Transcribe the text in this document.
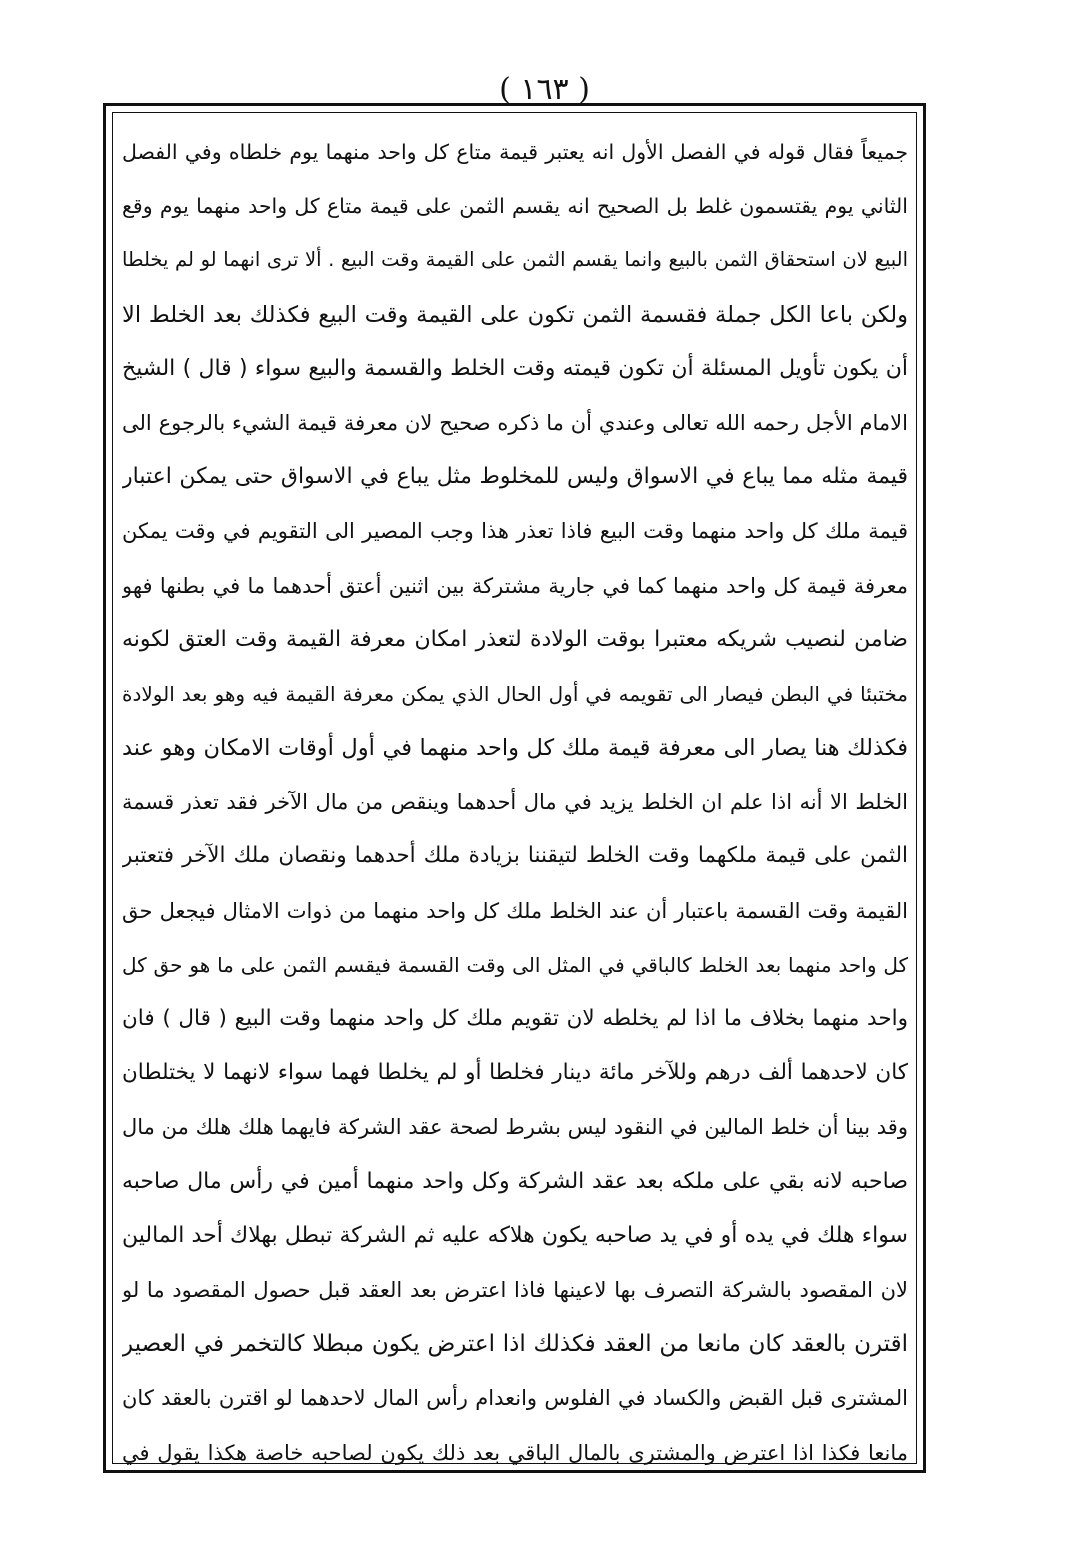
( ١٦٣ )
جميعاً فقال قوله في الفصل الأول انه يعتبر قيمة متاع كل واحد منهما يوم خلطاه وفي الفصل
الثاني يوم يقتسمون غلط بل الصحيح انه يقسم الثمن على قيمة متاع كل واحد منهما يوم وقع
البيع لان استحقاق الثمن بالبيع وانما يقسم الثمن على القيمة وقت البيع . ألا ترى انهما لو لم يخلطا
ولكن باعا الكل جملة فقسمة الثمن تكون على القيمة وقت البيع فكذلك بعد الخلط الا
أن يكون تأويل المسئلة أن تكون قيمته وقت الخلط والقسمة والبيع سواء ( قال ) الشيخ
الامام الأجل رحمه الله تعالى وعندي أن ما ذكره صحيح لان معرفة قيمة الشيء بالرجوع الى
قيمة مثله مما يباع في الاسواق وليس للمخلوط مثل يباع في الاسواق حتى يمكن اعتبار
قيمة ملك كل واحد منهما وقت البيع فاذا تعذر هذا وجب المصير الى التقويم في وقت يمكن
معرفة قيمة كل واحد منهما كما في جارية مشتركة بين اثنين أعتق أحدهما ما في بطنها فهو
ضامن لنصيب شريكه معتبرا بوقت الولادة لتعذر امكان معرفة القيمة وقت العتق لكونه
مختبئا في البطن فيصار الى تقويمه في أول الحال الذي يمكن معرفة القيمة فيه وهو بعد الولادة
فكذلك هنا يصار الى معرفة قيمة ملك كل واحد منهما في أول أوقات الامكان وهو عند
الخلط الا أنه اذا علم ان الخلط يزيد في مال أحدهما وينقص من مال الآخر فقد تعذر قسمة
الثمن على قيمة ملكهما وقت الخلط لتيقننا بزيادة ملك أحدهما ونقصان ملك الآخر فتعتبر
القيمة وقت القسمة باعتبار أن عند الخلط ملك كل واحد منهما من ذوات الامثال فيجعل حق
كل واحد منهما بعد الخلط كالباقي في المثل الى وقت القسمة فيقسم الثمن على ما هو حق كل
واحد منهما بخلاف ما اذا لم يخلطه لان تقويم ملك كل واحد منهما وقت البيع ( قال ) فان
كان لاحدهما ألف درهم وللآخر مائة دينار فخلطا أو لم يخلطا فهما سواء لانهما لا يختلطان
وقد بينا أن خلط المالين في النقود ليس بشرط لصحة عقد الشركة فايهما هلك هلك من مال
صاحبه لانه بقي على ملكه بعد عقد الشركة وكل واحد منهما أمين في رأس مال صاحبه
سواء هلك في يده أو في يد صاحبه يكون هلاكه عليه ثم الشركة تبطل بهلاك أحد المالين
لان المقصود بالشركة التصرف بها لاعينها فاذا اعترض بعد العقد قبل حصول المقصود ما لو
اقترن بالعقد كان مانعا من العقد فكذلك اذا اعترض يكون مبطلا كالتخمر في العصير
المشترى قبل القبض والكساد في الفلوس وانعدام رأس المال لاحدهما لو اقترن بالعقد كان
مانعا فكذا اذا اعترض والمشترى بالمال الباقي بعد ذلك يكون لصاحبه خاصة هكذا يقول في
